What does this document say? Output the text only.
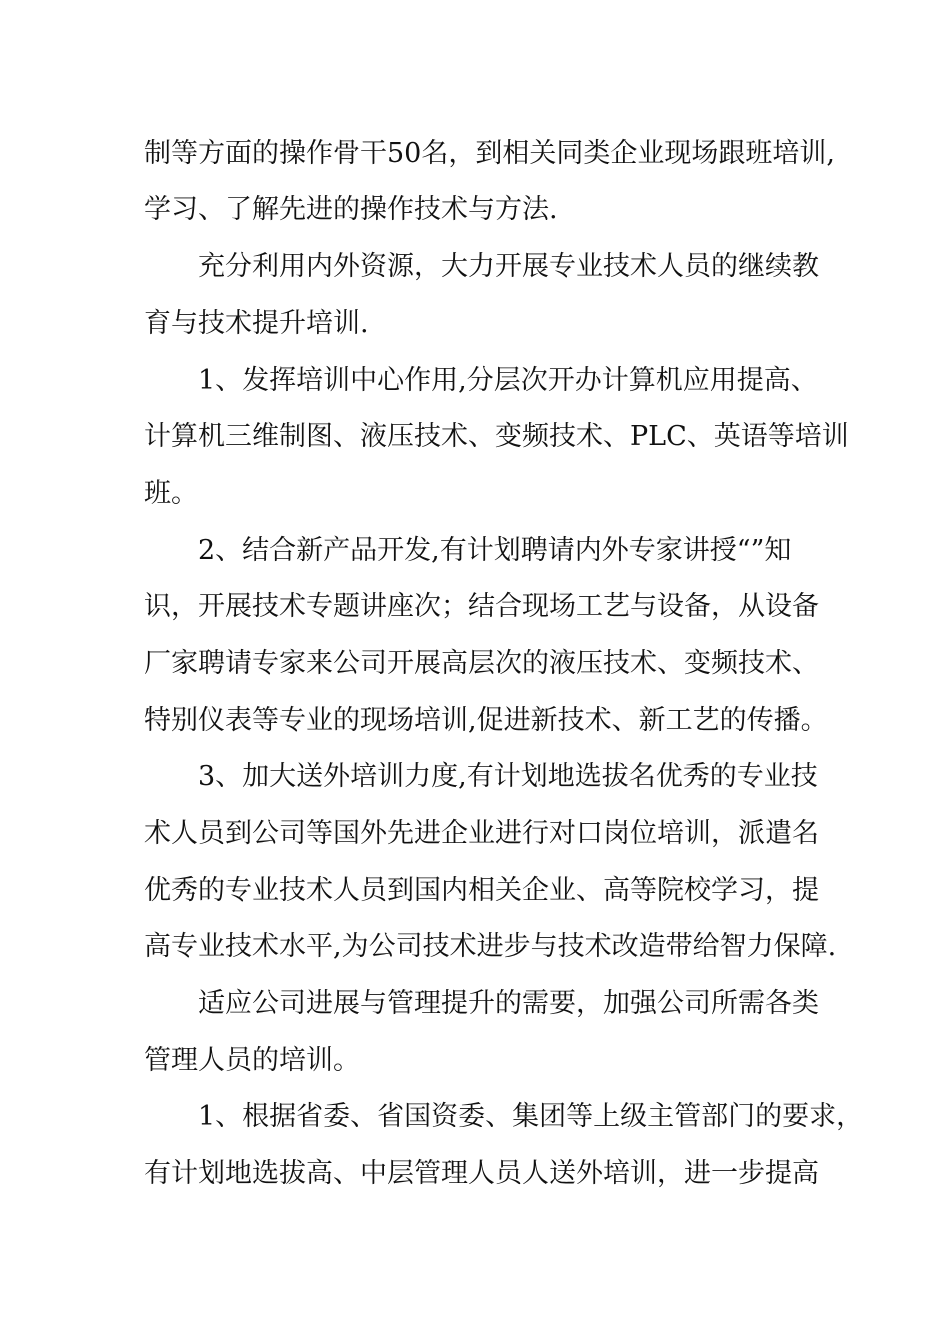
制等方面的操作骨干50名，到相关同类企业现场跟班培训,

学习、了解先进的操作技术与方法.

充分利用内外资源，大力开展专业技术人员的继续教

育与技术提升培训.

1、发挥培训中心作用,分层次开办计算机应用提高、

计算机三维制图、液压技术、变频技术、PLC、英语等培训

班。

2、结合新产品开发,有计划聘请内外专家讲授“”知

识，开展技术专题讲座次；结合现场工艺与设备，从设备

厂家聘请专家来公司开展高层次的液压技术、变频技术、

特别仪表等专业的现场培训,促进新技术、新工艺的传播。

3、加大送外培训力度,有计划地选拔名优秀的专业技

术人员到公司等国外先进企业进行对口岗位培训，派遣名

优秀的专业技术人员到国内相关企业、高等院校学习，提

高专业技术水平,为公司技术进步与技术改造带给智力保障.

适应公司进展与管理提升的需要，加强公司所需各类

管理人员的培训。

1、根据省委、省国资委、集团等上级主管部门的要求，

有计划地选拔高、中层管理人员人送外培训，进一步提高
